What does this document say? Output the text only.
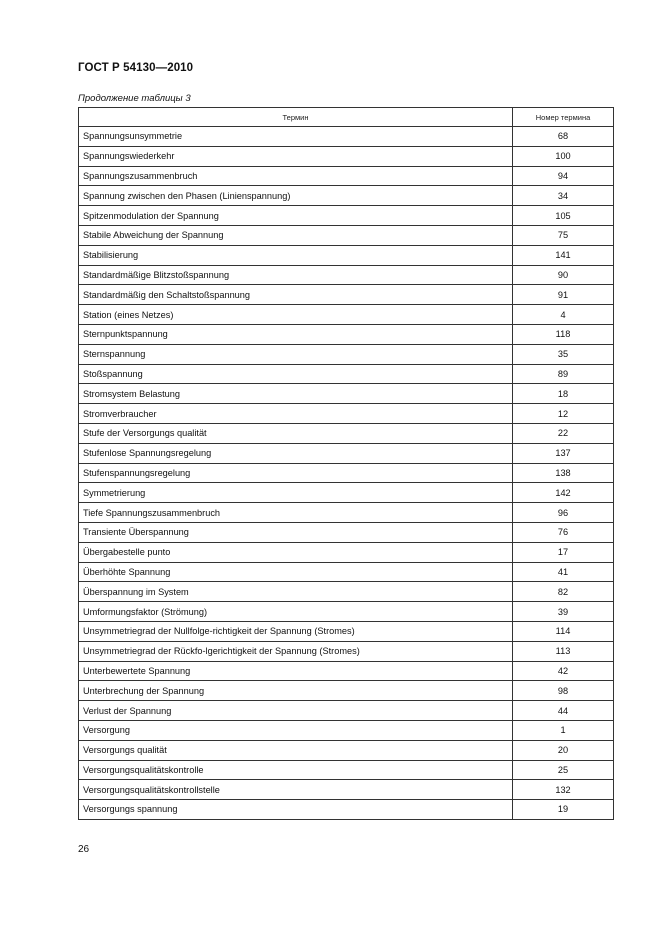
ГОСТ Р 54130—2010
Продолжение таблицы 3
Термин	Номер термина
Spannungsunsymmetrie	68
Spannungswiederkehr	100
Spannungszusammenbruch	94
Spannung zwischen den Phasen (Linienspannung)	34
Spitzenmodulation der Spannung	105
Stabile Abweichung der Spannung	75
Stabilisierung	141
Standardmäßige Blitzstoßspannung	90
Standardmäßig den Schaltstoßspannung	91
Station (eines Netzes)	4
Sternpunktspannung	118
Sternspannung	35
Stoßspannung	89
Stromsystem Belastung	18
Stromverbraucher	12
Stufe der Versorgungs qualität	22
Stufenlose Spannungsregelung	137
Stufenspannungsregelung	138
Symmetrierung	142
Tiefe Spannungszusammenbruch	96
Transiente Überspannung	76
Übergabestelle punto	17
Überhöhte Spannung	41
Überspannung im System	82
Umformungsfaktor (Strömung)	39
Unsymmetriegrad der Nullfolge-richtigkeit der Spannung (Stromes)	114
Unsymmetriegrad der Rückfo-lgerichtigkeit der Spannung (Stromes)	113
Unterbewertete Spannung	42
Unterbrechung der Spannung	98
Verlust der Spannung	44
Versorgung	1
Versorgungs qualität	20
Versorgungsqualitätskontrolle	25
Versorgungsqualitätskontrollstelle	132
Versorgungs spannung	19
26
